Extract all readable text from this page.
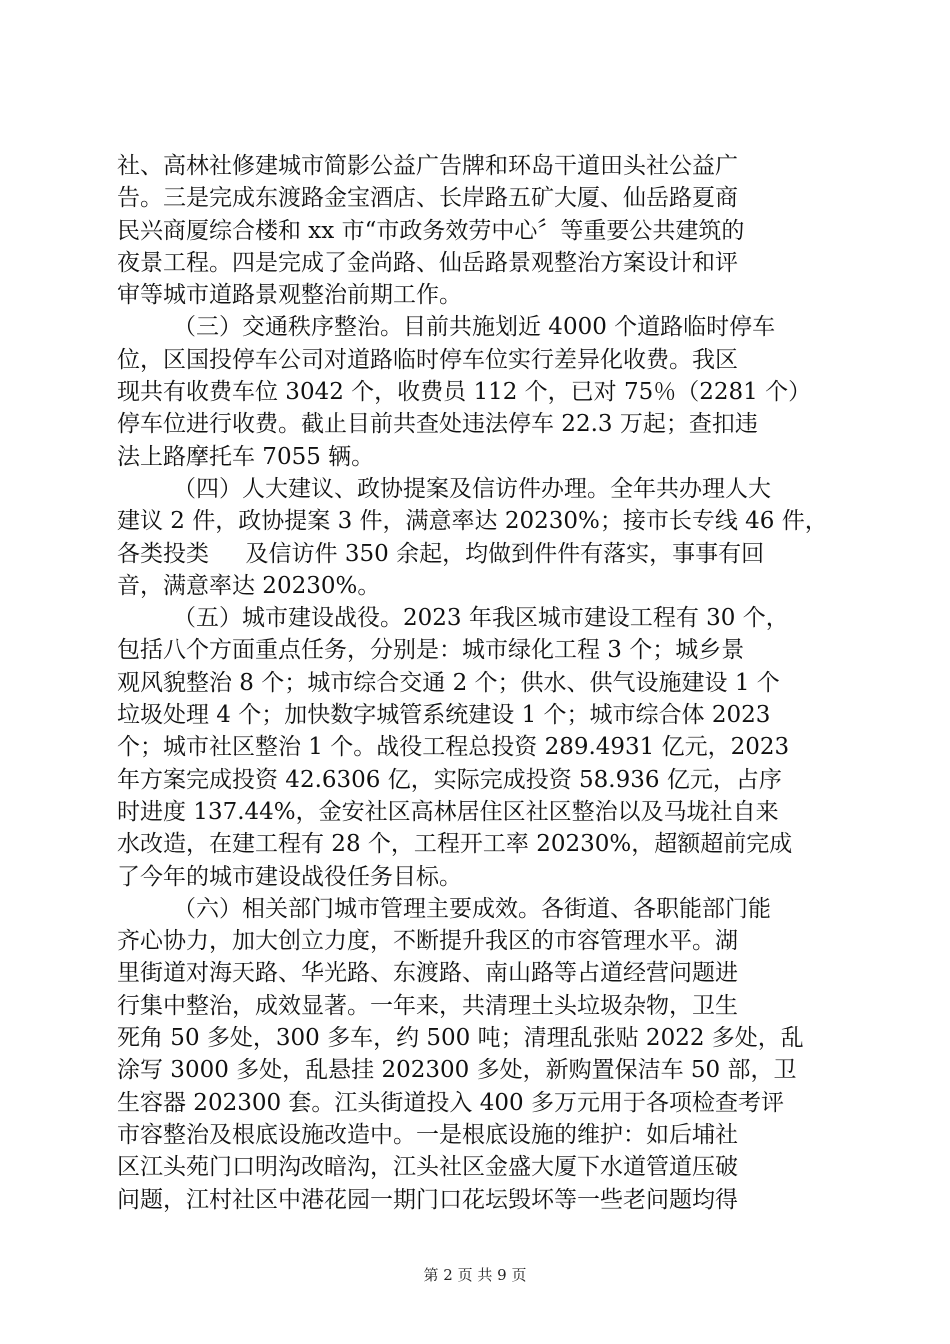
社、高林社修建城市简影公益广告牌和环岛干道田头社公益广
告。三是完成东渡路金宝酒店、长岸路五矿大厦、仙岳路夏商
民兴商厦综合楼和 xx 市“市政务效劳中心〞等重要公共建筑的
夜景工程。四是完成了金尚路、仙岳路景观整治方案设计和评
审等城市道路景观整治前期工作。
（三）交通秩序整治。目前共施划近 4000 个道路临时停车
位，区国投停车公司对道路临时停车位实行差异化收费。我区
现共有收费车位 3042 个，收费员 112 个，已对 75％（2281 个）
停车位进行收费。截止目前共查处违法停车 22.3 万起；查扣违
法上路摩托车 7055 辆。
（四）人大建议、政协提案及信访件办理。全年共办理人大
建议 2 件，政协提案 3 件，满意率达 20230%；接市长专线 46 件，
各类投类     及信访件 350 余起，均做到件件有落实，事事有回
音，满意率达 20230%。
（五）城市建设战役。2023 年我区城市建设工程有 30 个，
包括八个方面重点任务，分别是：城市绿化工程 3 个；城乡景
观风貌整治 8 个；城市综合交通 2 个；供水、供气设施建设 1 个
垃圾处理 4 个；加快数字城管系统建设 1 个；城市综合体 2023
个；城市社区整治 1 个。战役工程总投资 289.4931 亿元，2023
年方案完成投资 42.6306 亿，实际完成投资 58.936 亿元，占序
时进度 137.44%，金安社区高林居住区社区整治以及马垅社自来
水改造，在建工程有 28 个，工程开工率 20230%，超额超前完成
了今年的城市建设战役任务目标。
（六）相关部门城市管理主要成效。各街道、各职能部门能
齐心协力，加大创立力度，不断提升我区的市容管理水平。湖
里街道对海天路、华光路、东渡路、南山路等占道经营问题进
行集中整治，成效显著。一年来，共清理土头垃圾杂物，卫生
死角 50 多处，300 多车，约 500 吨；清理乱张贴 2022 多处，乱
涂写 3000 多处，乱悬挂 202300 多处，新购置保洁车 50 部，卫
生容器 202300 套。江头街道投入 400 多万元用于各项检查考评
市容整治及根底设施改造中。一是根底设施的维护：如后埔社
区江头苑门口明沟改暗沟，江头社区金盛大厦下水道管道压破
问题，江村社区中港花园一期门口花坛毁坏等一些老问题均得
第 2 页 共 9 页
